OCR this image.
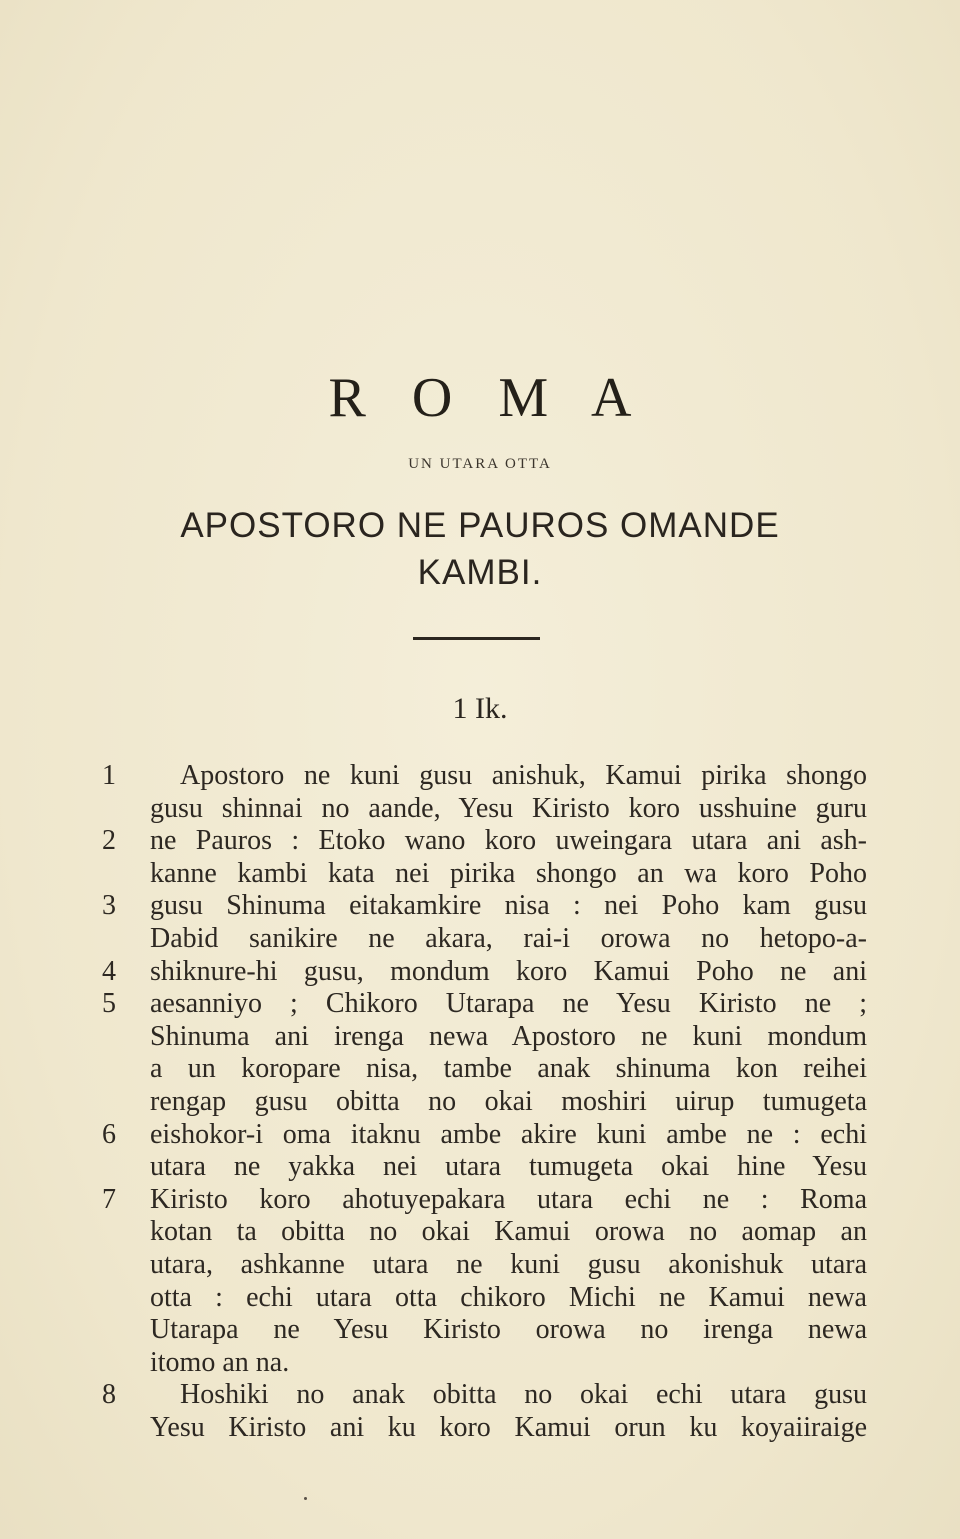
R O M A
UN UTARA OTTA
APOSTORO NE PAUROS OMANDE
KAMBI.
1 Ik.
1 Apostoro ne kuni gusu anishuk, Kamui pirika shongo
gusu shinnai no aande, Yesu Kiristo koro usshuine guru
2 ne Pauros : Etoko wano koro uweingara utara ani ash-
kanne kambi kata nei pirika shongo an wa koro Poho
3 gusu Shinuma eitakamkire nisa : nei Poho kam gusu
Dabid sanikire ne akara, rai-i orowa no hetopo-a-
4 shiknure-hi gusu, mondum koro Kamui Poho ne ani
5 aesanniyo ; Chikoro Utarapa ne Yesu Kiristo ne ;
Shinuma ani irenga newa Apostoro ne kuni mondum
a un koropare nisa, tambe anak shinuma kon reihei
rengap gusu obitta no okai moshiri uirup tumugeta
6 eishokor-i oma itaknu ambe akire kuni ambe ne : echi
utara ne yakka nei utara tumugeta okai hine Yesu
7 Kiristo koro ahotuyepakara utara echi ne : Roma
kotan ta obitta no okai Kamui orowa no aomap an
utara, ashkanne utara ne kuni gusu akonishuk utara
otta : echi utara otta chikoro Michi ne Kamui newa
Utarapa ne Yesu Kiristo orowa no irenga newa
itomo an na.
8 Hoshiki no anak obitta no okai echi utara gusu
Yesu Kiristo ani ku koro Kamui orun ku koyaiiraige
